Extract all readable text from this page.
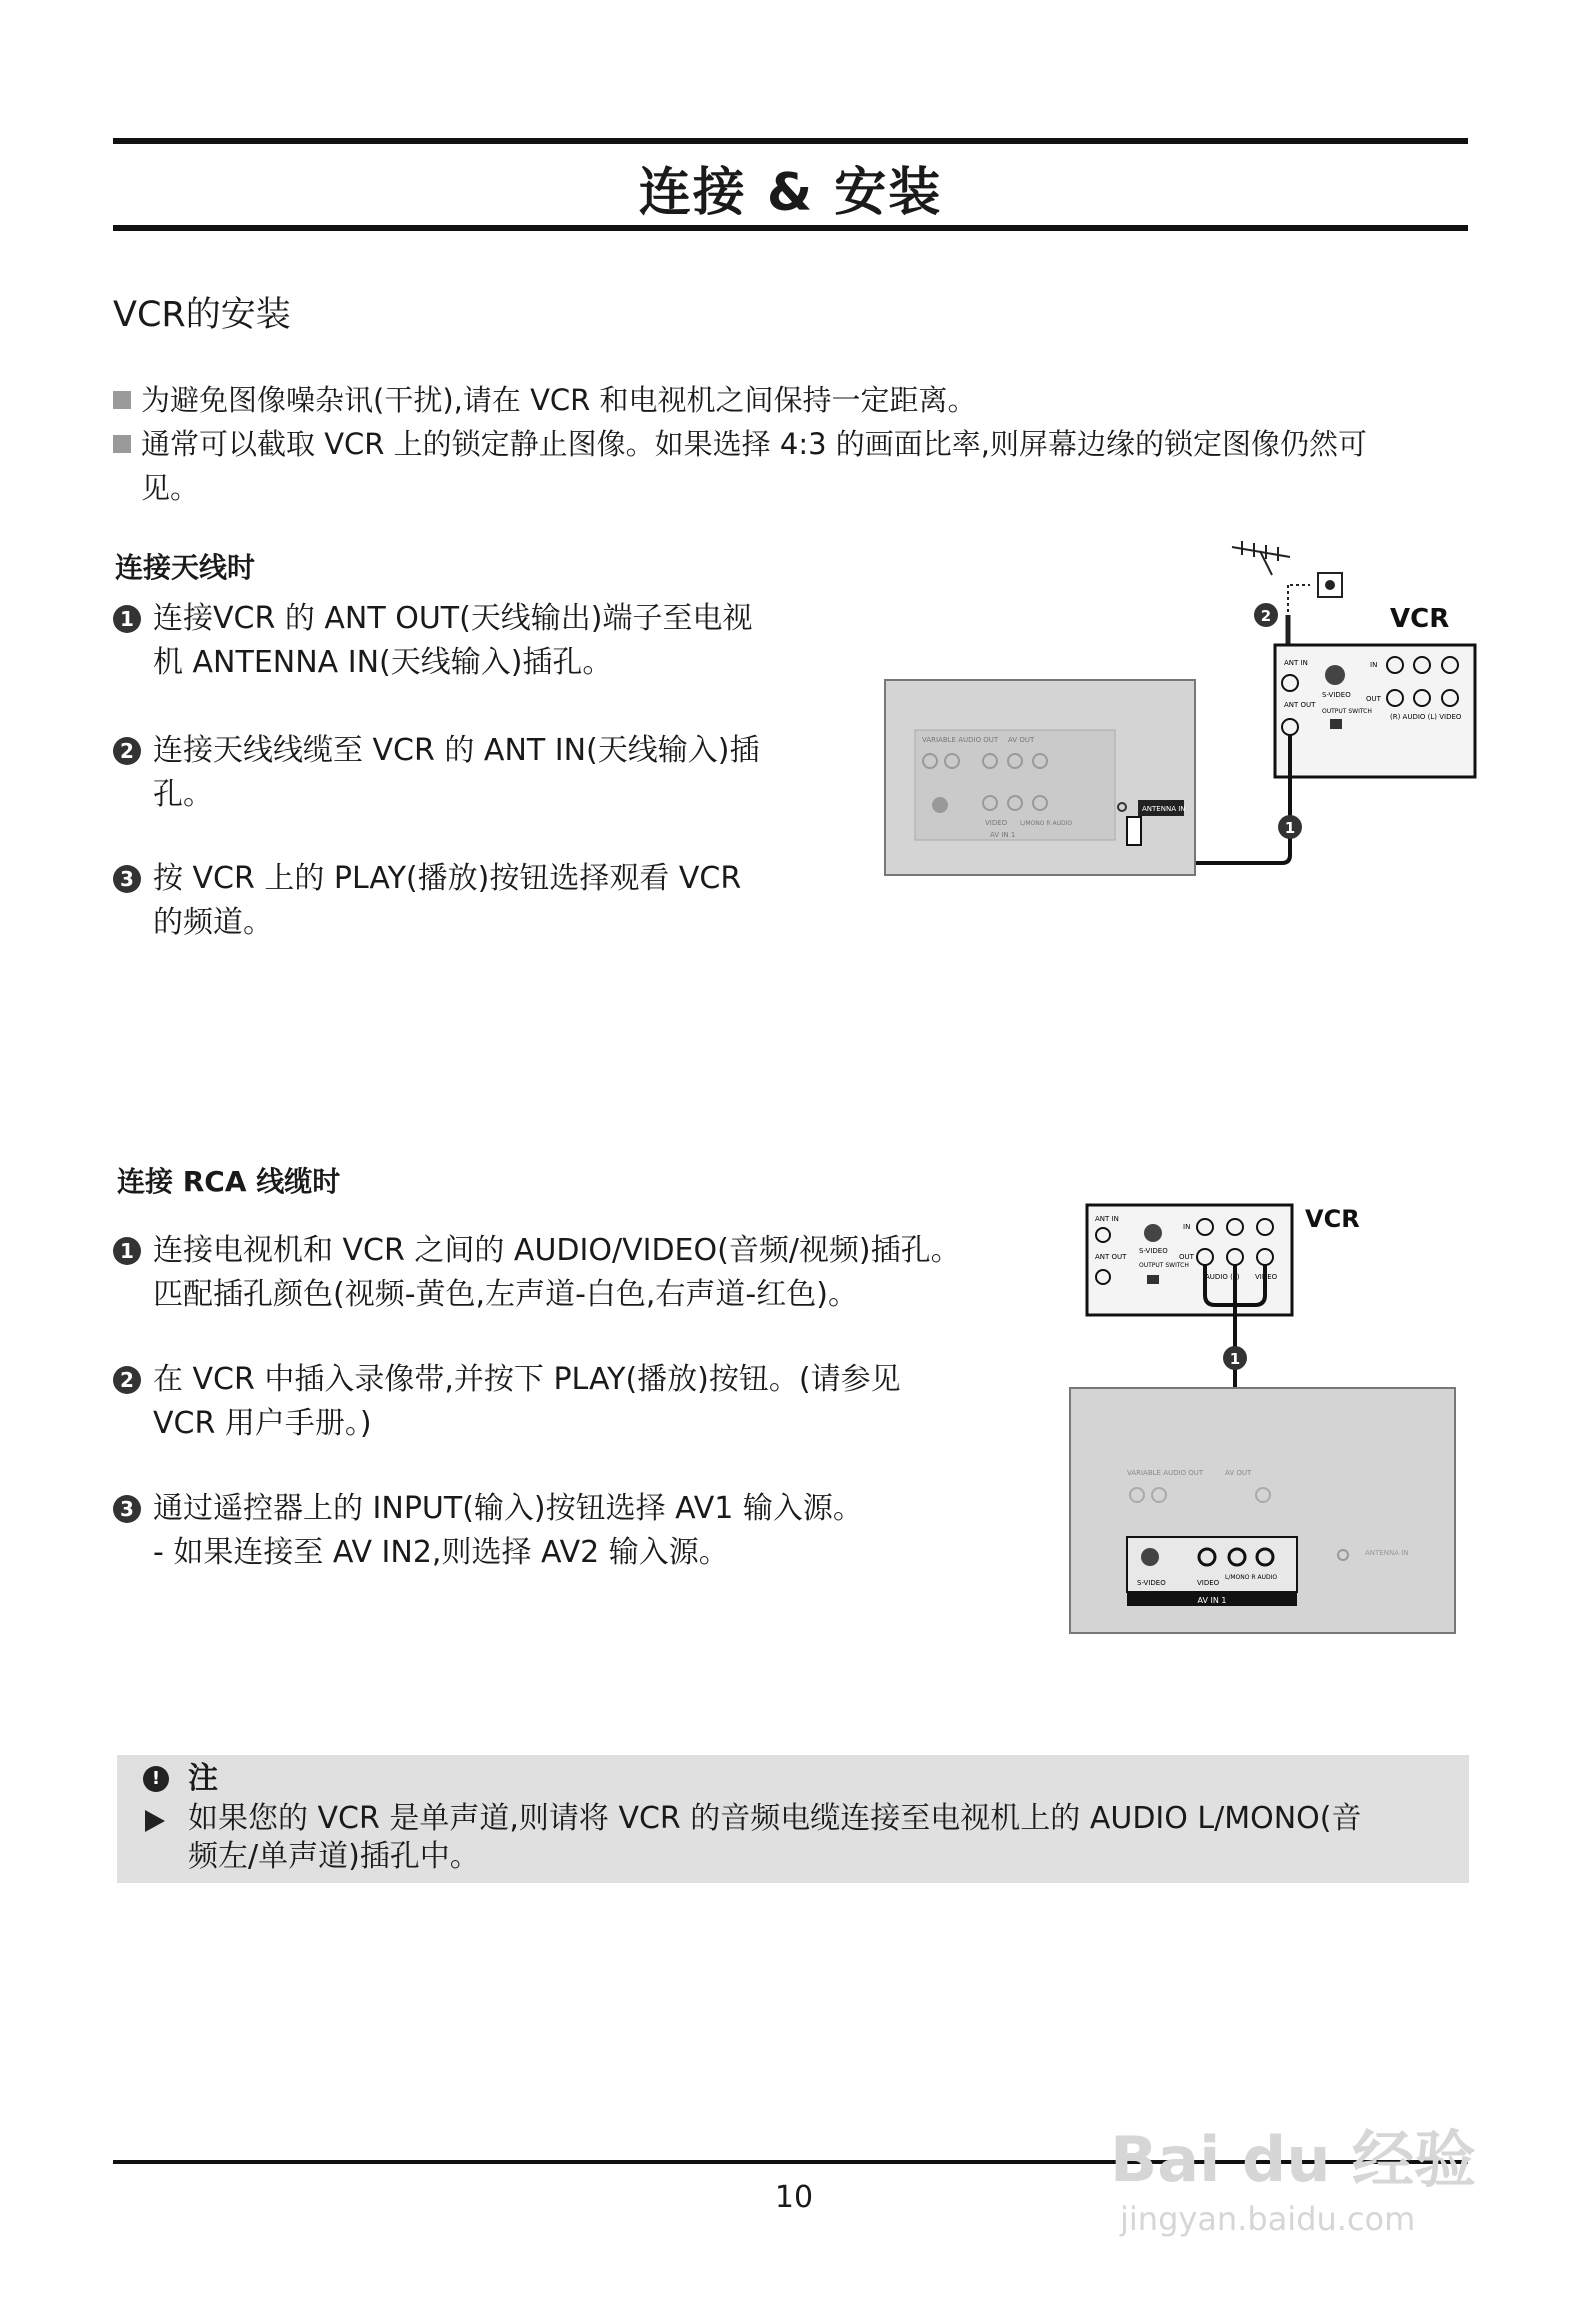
连接 & 安装
VCR的安装
为避免图像噪杂讯(干扰),请在 VCR 和电视机之间保持一定距离。
通常可以截取 VCR 上的锁定静止图像。如果选择 4:3 的画面比率,则屏幕边缘的锁定图像仍然可
见。
连接天线时
1 连接VCR 的 ANT OUT(天线输出)端子至电视
机 ANTENNA IN(天线输入)插孔。
2 连接天线线缆至 VCR 的 ANT IN(天线输入)插
孔。
3 按 VCR 上的 PLAY(播放)按钮选择观看 VCR
的频道。
2	VCR
ANT IN
ANT OUT
S-VIDEO
OUTPUT SWITCH
IN
OUT
(R) AUDIO (L) VIDEO
1
VARIABLE AUDIO OUT AV OUT
VIDEO L/MONO R AUDIO
AV IN 1
ANTENNA IN
连接 RCA 线缆时
1 连接电视机和 VCR 之间的 AUDIO/VIDEO(音频/视频)插孔。
匹配插孔颜色(视频-黄色,左声道-白色,右声道-红色)。
2 在 VCR 中插入录像带,并按下 PLAY(播放)按钮。(请参见
VCR 用户手册。)
3 通过遥控器上的 INPUT(输入)按钮选择 AV1 输入源。
- 如果连接至 AV IN2,则选择 AV2 输入源。
VCR
ANT IN
ANT OUT
S-VIDEO
OUTPUT SWITCH
IN
OUT
AUDIO (L) VIDEO
1
VARIABLE AUDIO OUT	AV OUT
S-VIDEO	VIDEO
L/MONO R AUDIO
AV IN 1
ANTENNA IN
! 注
如果您的 VCR 是单声道,则请将 VCR 的音频电缆连接至电视机上的 AUDIO L/MONO(音
频左/单声道)插孔中。
10
Bai du 经验
jingyan.baidu.com
